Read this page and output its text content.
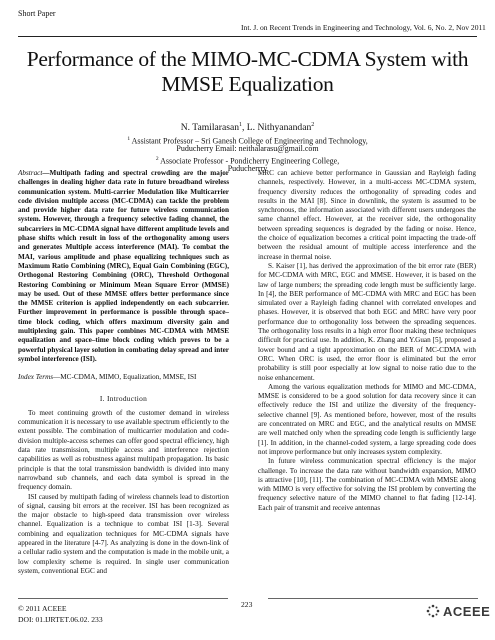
Short Paper
Int. J. on Recent Trends in Engineering and Technology, Vol. 6, No. 2, Nov 2011
Performance of the MIMO-MC-CDMA System with
MMSE Equalization
N. Tamilarasan$^1$, L. Nithyanandan$^2$
$^1$ Assistant Professor – Sri Ganesh College of Engineering and Technology,
Puducherry Email: neithalarasu@gmail.com
$^2$ Associate Professor - Pondicherry Engineering College,
Puducherrry

Abstract—Multipath fading and spectral crowding are the major challenges in dealing higher data rate in future broadband wireless communication system. Multi-carrier Modulation like Multicarrier code division multiple access (MC-CDMA) can tackle the problem and provide higher data rate for future wireless communication system. However, through a frequency selective fading channel, the subcarriers in MC-CDMA signal have different amplitude levels and phase shifts which result in loss of the orthogonality among users and generates Multiple access interference (MAI). To combat the MAI, various amplitude and phase equalizing techniques such as Maximum Ratio Combining (MRC), Equal Gain Combining (EGC), Orthogonal Restoring Combining (ORC), Threshold Orthogonal Restoring Combining or Minimum Mean Square Error (MMSE) may be used. Out of these MMSE offers better performance since the MMSE criterion is applied independently on each subcarrier. Further improvement in performance is possible through space–time block coding, which offers maximum diversity gain and multiplexing gain. This paper combines MC-CDMA with MMSE equalization and space–time block coding which proves to be a powerful physical layer solution in combating delay spread and inter symbol interference (ISI).

Index Terms—MC-CDMA, MIMO, Equalization, MMSE, ISI

I. Introduction

To meet continuing growth of the customer demand in wireless communication it is necessary to use available spectrum efficiently to the extent possible. The combination of multicarrier modulation and code-division multiple-access schemes can offer good spectral efficiency, high data rate transmission, multiple access and interference rejection capabilities as well as robustness against multipath propagation. Its basic principle is that the total transmission bandwidth is divided into many narrowband sub channels, and each data symbol is spread in the frequency domain.

ISI caused by multipath fading of wireless channels lead to distortion of signal, causing bit errors at the receiver. ISI has been recognized as the major obstacle to high-speed data transmission over wireless channel. Equalization is a technique to combat ISI [1-3]. Several combining and equalization techniques for MC-CDMA signals have appeared in the literature [4-7]. As analyzing is done in the down-link of a cellular radio system and the computation is made in the mobile unit, a low complexity scheme is required. In single user communication system, conventional EGC and

MRC can achieve better performance in Gaussian and Rayleigh fading channels, respectively. However, in a multi-access MC-CDMA system, frequency diversity reduces the orthogonality of spreading codes and results in the MAI [8]. Since in downlink, the system is assumed to be synchronous, the information associated with different users undergoes the same channel effect. However, at the receiver side, the orthogonality between spreading sequences is degraded by the fading or noise. Hence, the choice of equalization becomes a critical point impacting the trade-off between the residual amount of multiple access interference and the increase in thermal noise.

S. Kaiser [1], has derived the approximation of the bit error rate (BER) for MC-CDMA with MRC, EGC and MMSE. However, it is based on the law of large numbers; the spreading code length must be sufficiently large. In [4], the BER performance of MC-CDMA with MRC and EGC has been simulated over a Rayleigh fading channel with correlated envelopes and phases. However, it is observed that both EGC and MRC have very poor performance due to orthogonality loss between the spreading sequences. The orthogonality loss results in a high error floor making these techniques difficult for practical use. In addition, K. Zhang and Y.Guan [5], proposed a lower bound and a tight approximation on the BER of MC-CDMA with ORC. When ORC is used, the error floor is eliminated but the error probability is still poor especially at low signal to noise ratio due to the noise enhancement.

Among the various equalization methods for MIMO and MC-CDMA, MMSE is considered to be a good solution for data recovery since it can effectively reduce the ISI and utilize the diversity of the frequency-selective channel [9]. As mentioned before, however, most of the results are concentrated on MRC and EGC, and the analytical results on MMSE are well matched only when the spreading code length is sufficiently large [1]. In addition, in the channel-coded system, a large spreading code does not improve performance but only increases system complexity.

In future wireless communication spectral efficiency is the major challenge. To increase the data rate without bandwidth expansion, MIMO is attractive [10], [11]. The combination of MC-CDMA with MMSE along with MIMO is very effective for solving the ISI problem by converting the frequency selective nature of the MIMO channel to flat fading [12-14]. Each pair of transmit and receive antennas

© 2011 ACEEE
DOI: 01.IJRTET.06.02. 233
223	ACEEE
